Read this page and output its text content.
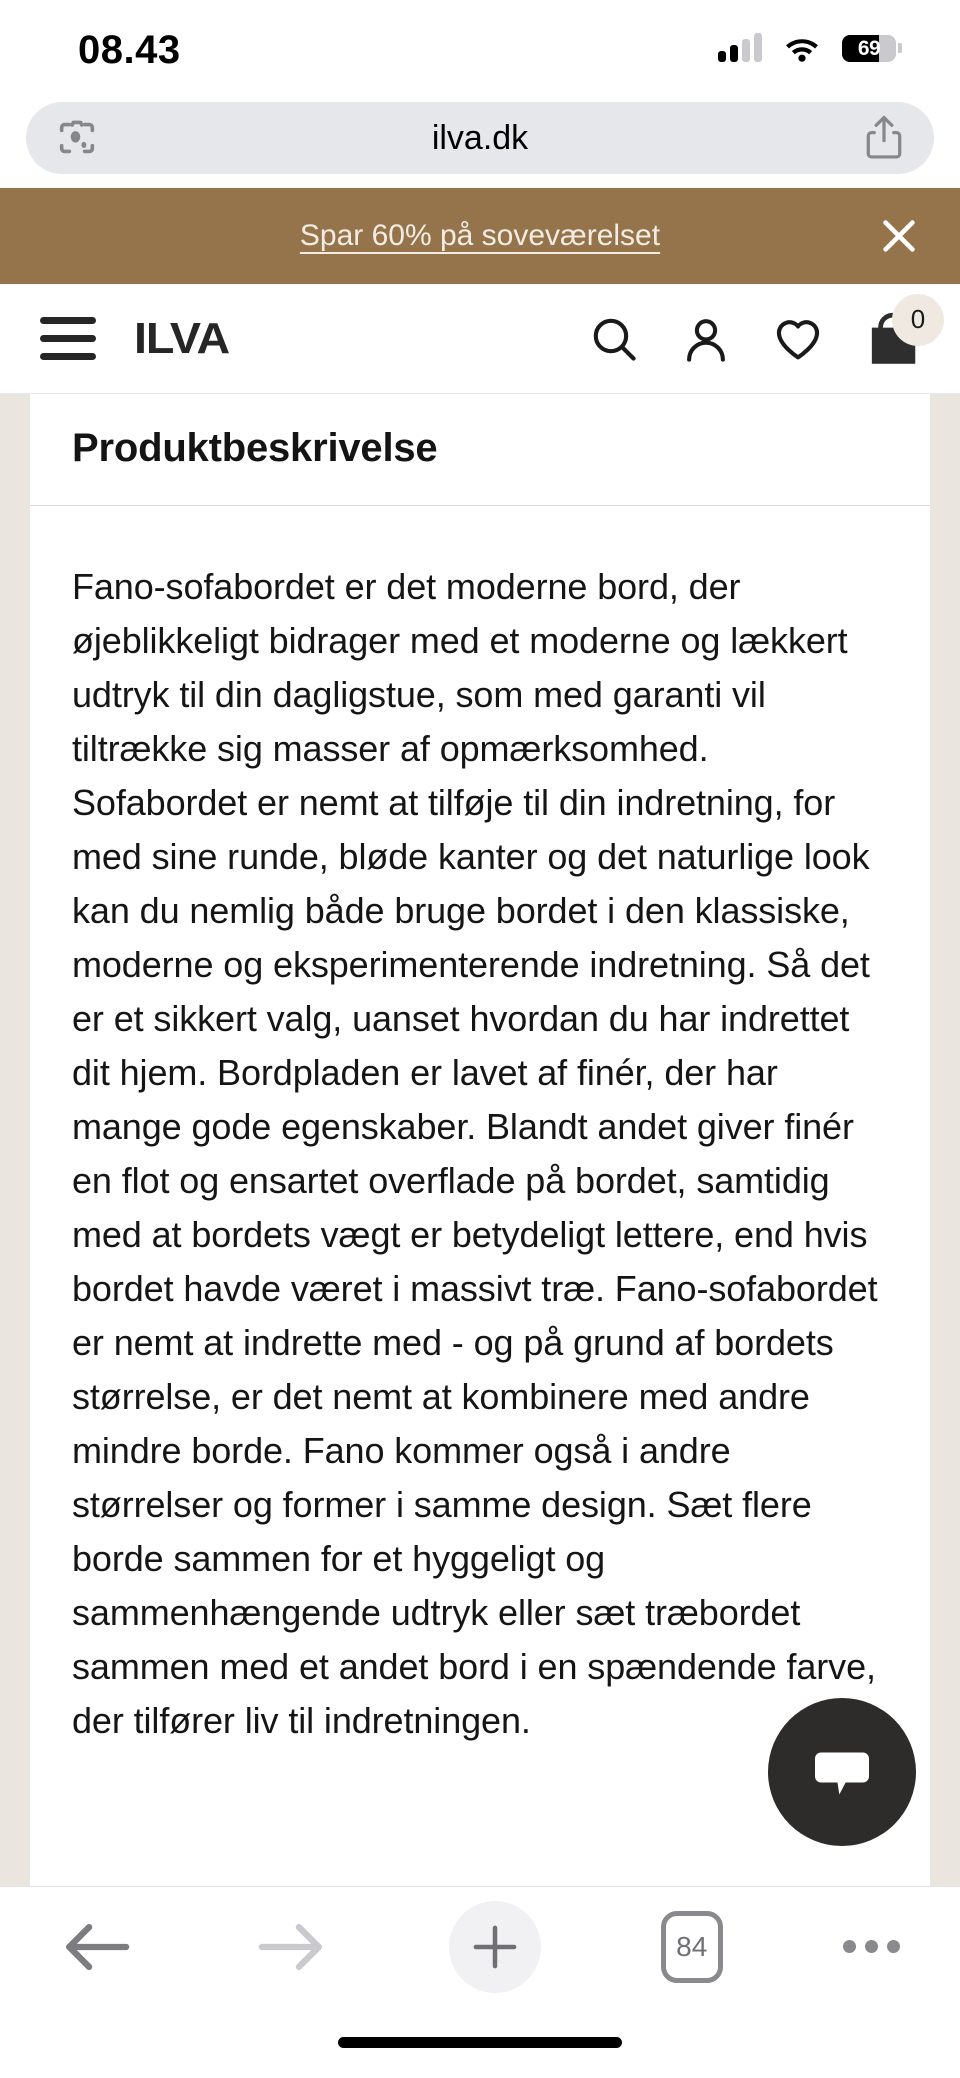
08.43	69
ilva.dk
Spar 60% på soveværelset
ILVA	0
Produktbeskrivelse
Fano-sofabordet er det moderne bord, der øjeblikkeligt bidrager med et moderne og lækkert udtryk til din dagligstue, som med garanti vil tiltrække sig masser af opmærksomhed. Sofabordet er nemt at tilføje til din indretning, for med sine runde, bløde kanter og det naturlige look kan du nemlig både bruge bordet i den klassiske, moderne og eksperimenterende indretning. Så det er et sikkert valg, uanset hvordan du har indrettet dit hjem. Bordpladen er lavet af finér, der har mange gode egenskaber. Blandt andet giver finér en flot og ensartet overflade på bordet, samtidig med at bordets vægt er betydeligt lettere, end hvis bordet havde været i massivt træ. Fano-sofabordet er nemt at indrette med - og på grund af bordets størrelse, er det nemt at kombinere med andre mindre borde. Fano kommer også i andre størrelser og former i samme design. Sæt flere borde sammen for et hyggeligt og sammenhængende udtryk eller sæt træbordet sammen med et andet bord i en spændende farve, der tilfører liv til indretningen.
84
